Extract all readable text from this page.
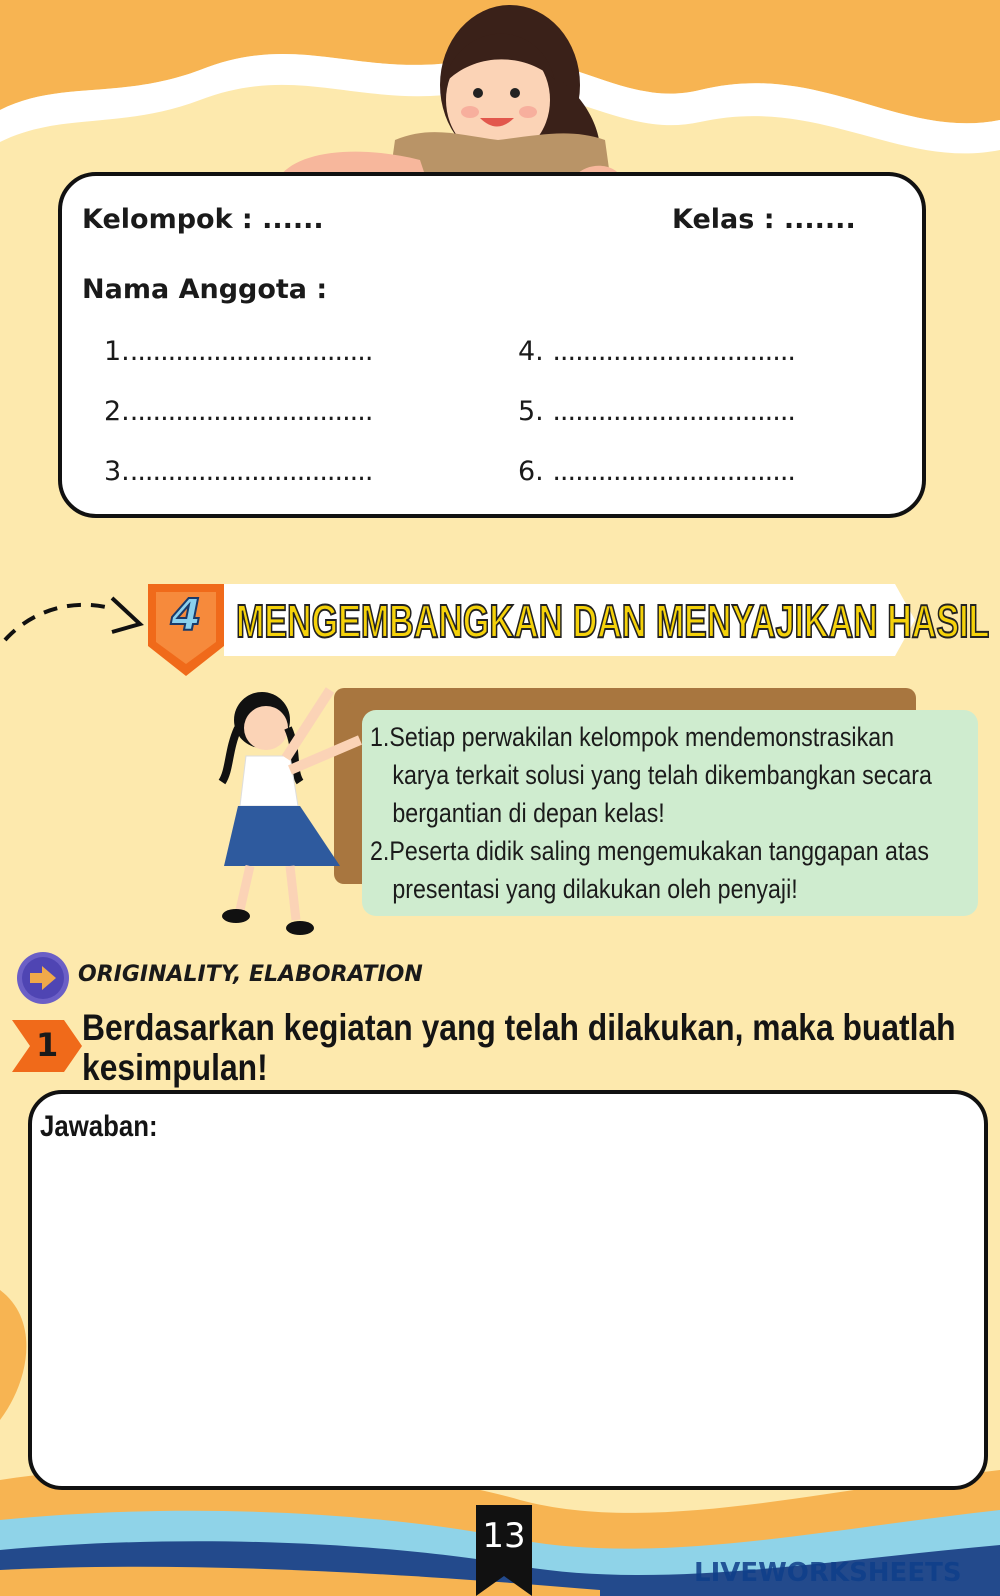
Kelompok : ......	Kelas : .......
Nama Anggota :
1.................................
2.................................
3.................................
4. ................................
5. ................................
6. ................................
4 MENGEMBANGKAN DAN MENYAJIKAN HASIL
1.Setiap perwakilan kelompok mendemonstrasikan
karya terkait solusi yang telah dikembangkan secara
bergantian di depan kelas!
2.Peserta didik saling mengemukakan tanggapan atas
presentasi yang dilakukan oleh penyaji!
ORIGINALITY, ELABORATION
1 Berdasarkan kegiatan yang telah dilakukan, maka buatlah
kesimpulan!
Jawaban:
13
LIVEWORKSHEETS
